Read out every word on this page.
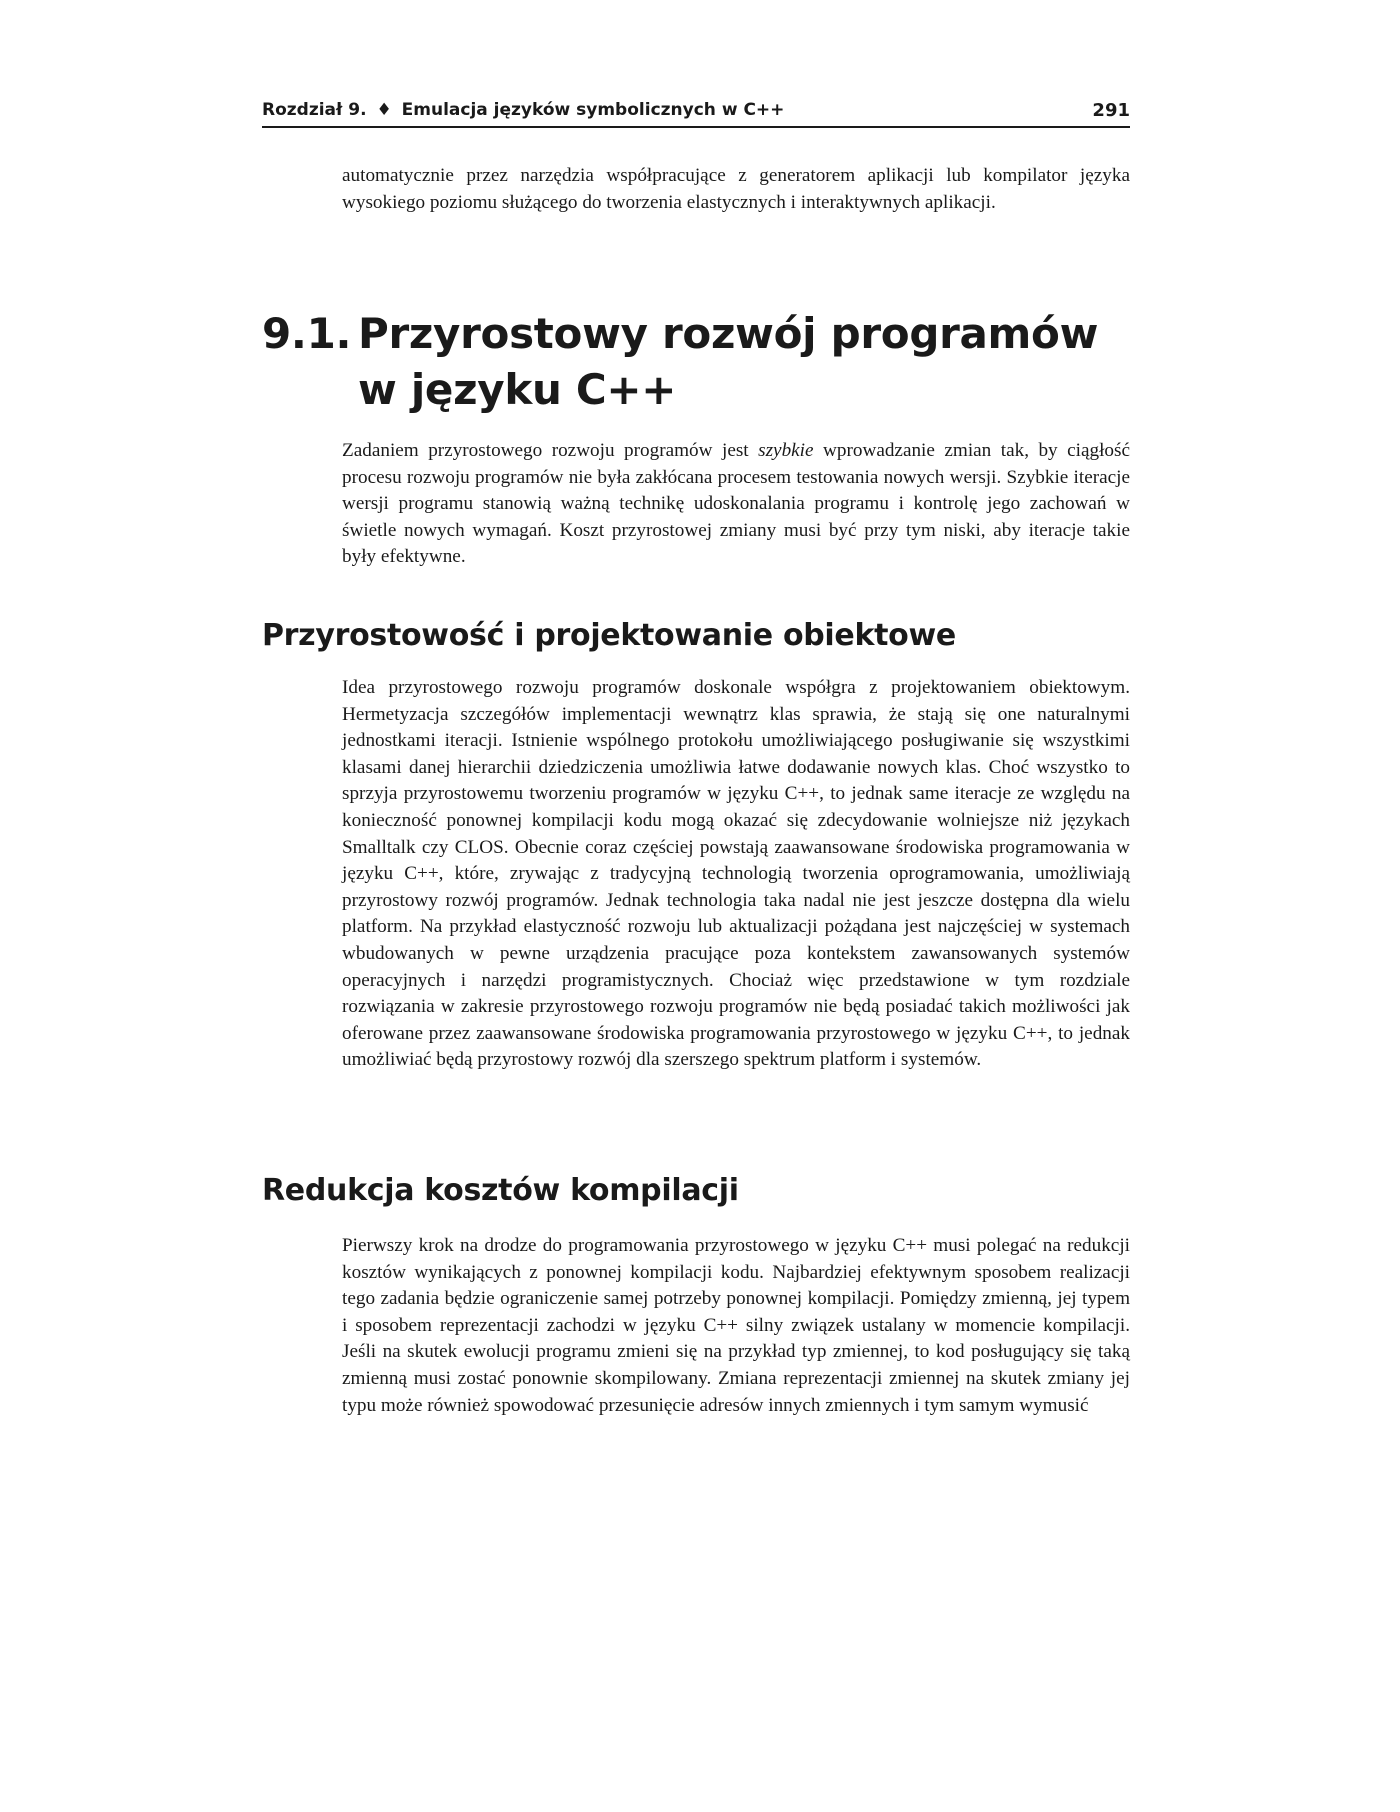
Rozdział 9. ♦ Emulacja języków symbolicznych w C++	291

automatycznie przez narzędzia współpracujące z generatorem aplikacji lub kompilator języka wysokiego poziomu służącego do tworzenia elastycznych i interaktywnych aplikacji.

9.1. Przyrostowy rozwój programów
w języku C++

Zadaniem przyrostowego rozwoju programów jest szybkie wprowadzanie zmian tak, by ciągłość procesu rozwoju programów nie była zakłócana procesem testowania nowych wersji. Szybkie iteracje wersji programu stanowią ważną technikę udoskonalania programu i kontrolę jego zachowań w świetle nowych wymagań. Koszt przyrostowej zmiany musi być przy tym niski, aby iteracje takie były efektywne.

Przyrostowość i projektowanie obiektowe

Idea przyrostowego rozwoju programów doskonale współgra z projektowaniem obiektowym. Hermetyzacja szczegółów implementacji wewnątrz klas sprawia, że stają się one naturalnymi jednostkami iteracji. Istnienie wspólnego protokołu umożliwiającego posługiwanie się wszystkimi klasami danej hierarchii dziedziczenia umożliwia łatwe dodawanie nowych klas. Choć wszystko to sprzyja przyrostowemu tworzeniu programów w języku C++, to jednak same iteracje ze względu na konieczność ponownej kompilacji kodu mogą okazać się zdecydowanie wolniejsze niż językach Smalltalk czy CLOS. Obecnie coraz częściej powstają zaawansowane środowiska programowania w języku C++, które, zrywając z tradycyjną technologią tworzenia oprogramowania, umożliwiają przyrostowy rozwój programów. Jednak technologia taka nadal nie jest jeszcze dostępna dla wielu platform. Na przykład elastyczność rozwoju lub aktualizacji pożądana jest najczęściej w systemach wbudowanych w pewne urządzenia pracujące poza kontekstem zawansowanych systemów operacyjnych i narzędzi programistycznych. Chociaż więc przedstawione w tym rozdziale rozwiązania w zakresie przyrostowego rozwoju programów nie będą posiadać takich możliwości jak oferowane przez zaawansowane środowiska programowania przyrostowego w języku C++, to jednak umożliwiać będą przyrostowy rozwój dla szerszego spektrum platform i systemów.

Redukcja kosztów kompilacji

Pierwszy krok na drodze do programowania przyrostowego w języku C++ musi polegać na redukcji kosztów wynikających z ponownej kompilacji kodu. Najbardziej efektywnym sposobem realizacji tego zadania będzie ograniczenie samej potrzeby ponownej kompilacji. Pomiędzy zmienną, jej typem i sposobem reprezentacji zachodzi w języku C++ silny związek ustalany w momencie kompilacji. Jeśli na skutek ewolucji programu zmieni się na przykład typ zmiennej, to kod posługujący się taką zmienną musi zostać ponownie skompilowany. Zmiana reprezentacji zmiennej na skutek zmiany jej typu może również spowodować przesunięcie adresów innych zmiennych i tym samym wymusić
